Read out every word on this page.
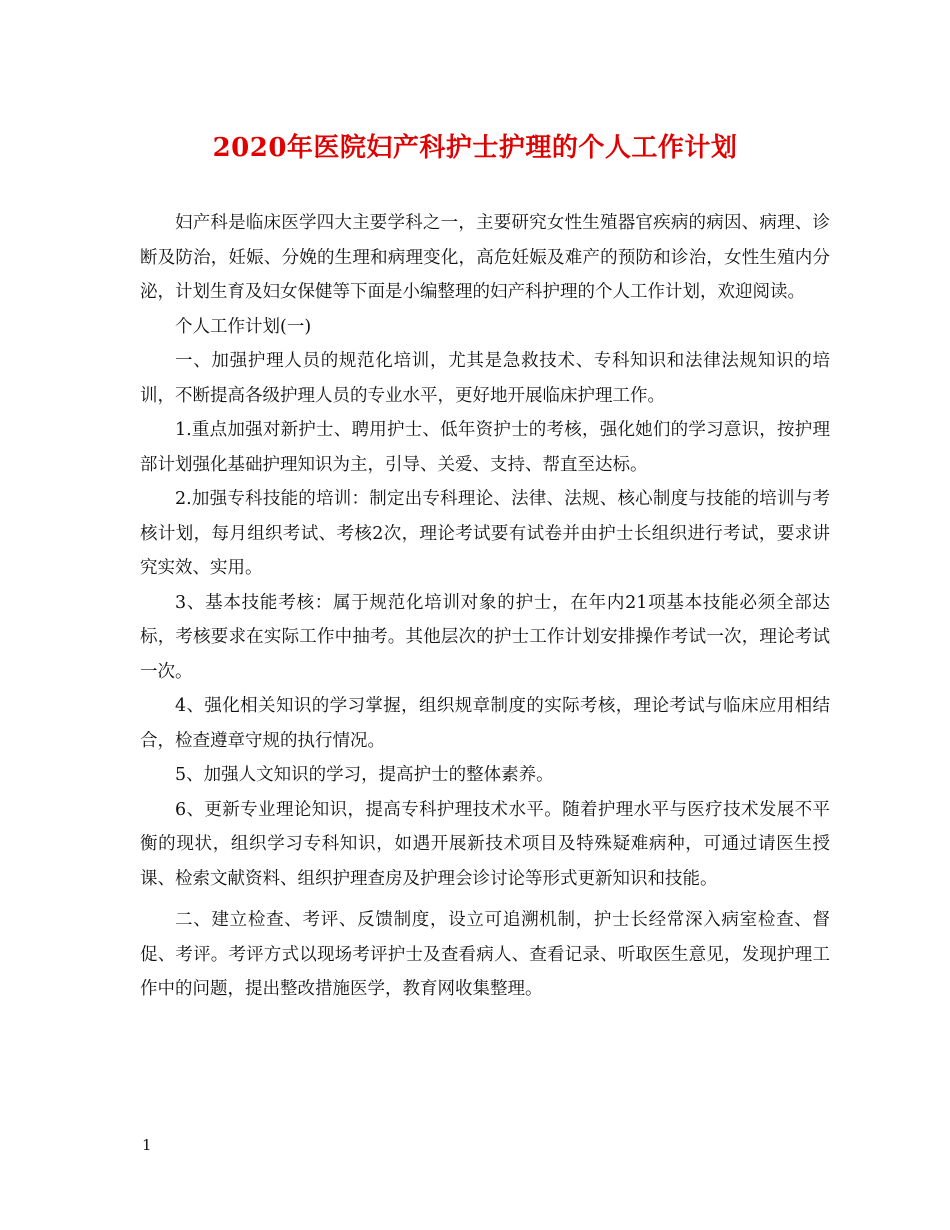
2020年医院妇产科护士护理的个人工作计划

妇产科是临床医学四大主要学科之一，主要研究女性生殖器官疾病的病因、病理、诊断及防治，妊娠、分娩的生理和病理变化，高危妊娠及难产的预防和诊治，女性生殖内分泌，计划生育及妇女保健等下面是小编整理的妇产科护理的个人工作计划，欢迎阅读。

个人工作计划(一)

一、加强护理人员的规范化培训，尤其是急救技术、专科知识和法律法规知识的培训，不断提高各级护理人员的专业水平，更好地开展临床护理工作。

1.重点加强对新护士、聘用护士、低年资护士的考核，强化她们的学习意识，按护理部计划强化基础护理知识为主，引导、关爱、支持、帮直至达标。

2.加强专科技能的培训：制定出专科理论、法律、法规、核心制度与技能的培训与考核计划，每月组织考试、考核2次，理论考试要有试卷并由护士长组织进行考试，要求讲究实效、实用。

3、基本技能考核：属于规范化培训对象的护士，在年内21项基本技能必须全部达标，考核要求在实际工作中抽考。其他层次的护士工作计划安排操作考试一次，理论考试一次。

4、强化相关知识的学习掌握，组织规章制度的实际考核，理论考试与临床应用相结合，检查遵章守规的执行情况。

5、加强人文知识的学习，提高护士的整体素养。

6、更新专业理论知识，提高专科护理技术水平。随着护理水平与医疗技术发展不平衡的现状，组织学习专科知识，如遇开展新技术项目及特殊疑难病种，可通过请医生授课、检索文献资料、组织护理查房及护理会诊讨论等形式更新知识和技能。

二、建立检查、考评、反馈制度，设立可追溯机制，护士长经常深入病室检查、督促、考评。考评方式以现场考评护士及查看病人、查看记录、听取医生意见，发现护理工作中的问题，提出整改措施医学，教育网收集整理。

1
